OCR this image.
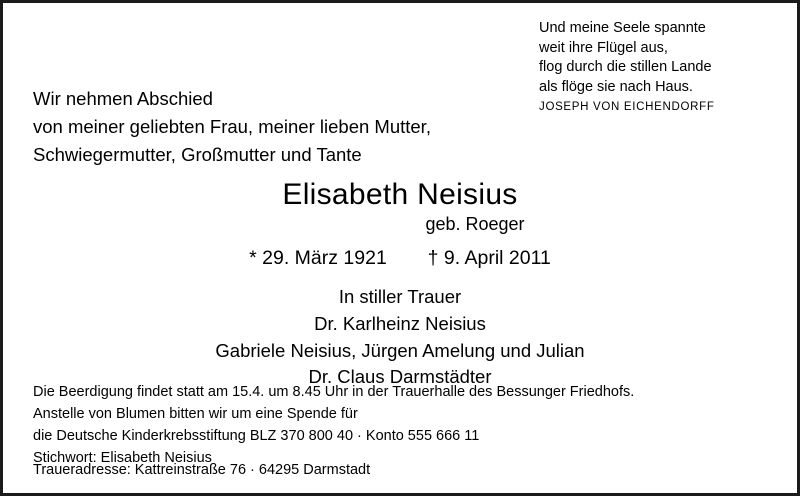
Und meine Seele spannte
weit ihre Flügel aus,
flog durch die stillen Lande
als flöge sie nach Haus.
JOSEPH VON EICHENDORFF
Wir nehmen Abschied
von meiner geliebten Frau, meiner lieben Mutter,
Schwiegermutter, Großmutter und Tante
Elisabeth Neisius
geb. Roeger
* 29. März 1921 † 9. April 2011
In stiller Trauer
Dr. Karlheinz Neisius
Gabriele Neisius, Jürgen Amelung und Julian
Dr. Claus Darmstädter
Die Beerdigung findet statt am 15.4. um 8.45 Uhr in der Trauerhalle des Bessunger Friedhofs.
Anstelle von Blumen bitten wir um eine Spende für
die Deutsche Kinderkrebsstiftung BLZ 370 800 40 · Konto 555 666 11
Stichwort: Elisabeth Neisius
Traueradresse: Kattreinstraße 76 · 64295 Darmstadt
